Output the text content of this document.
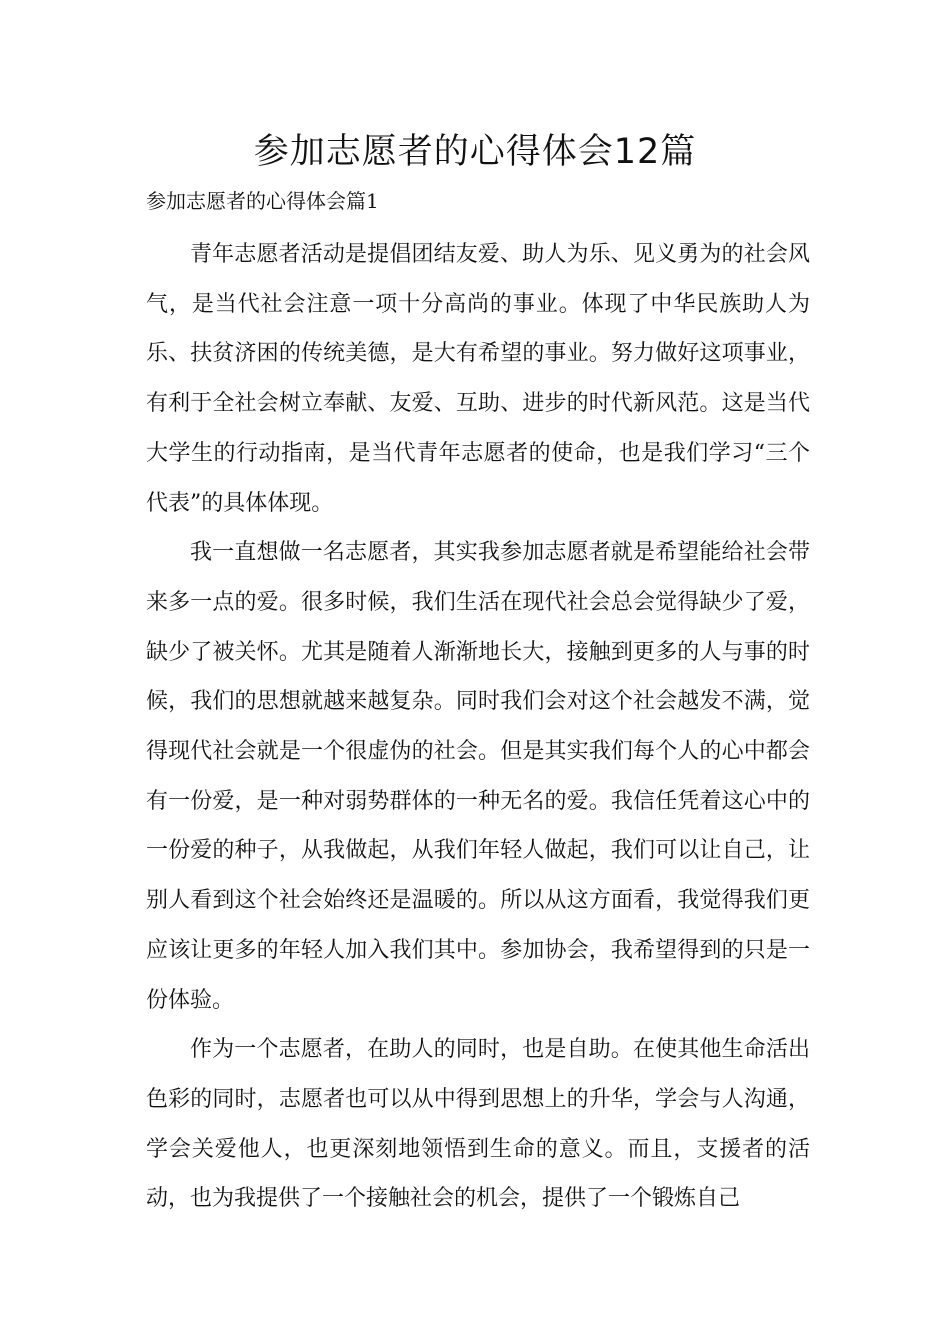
参加志愿者的心得体会12篇
参加志愿者的心得体会篇1

青年志愿者活动是提倡团结友爱、助人为乐、见义勇为的社会风气，是当代社会注意一项十分高尚的事业。体现了中华民族助人为乐、扶贫济困的传统美德，是大有希望的事业。努力做好这项事业，有利于全社会树立奉献、友爱、互助、进步的时代新风范。这是当代大学生的行动指南，是当代青年志愿者的使命，也是我们学习“三个代表”的具体体现。

我一直想做一名志愿者，其实我参加志愿者就是希望能给社会带来多一点的爱。很多时候，我们生活在现代社会总会觉得缺少了爱，缺少了被关怀。尤其是随着人渐渐地长大，接触到更多的人与事的时候，我们的思想就越来越复杂。同时我们会对这个社会越发不满，觉得现代社会就是一个很虚伪的社会。但是其实我们每个人的心中都会有一份爱，是一种对弱势群体的一种无名的爱。我信任凭着这心中的一份爱的种子，从我做起，从我们年轻人做起，我们可以让自己，让别人看到这个社会始终还是温暖的。所以从这方面看，我觉得我们更应该让更多的年轻人加入我们其中。参加协会，我希望得到的只是一份体验。

作为一个志愿者，在助人的同时，也是自助。在使其他生命活出色彩的同时，志愿者也可以从中得到思想上的升华，学会与人沟通，学会关爱他人，也更深刻地领悟到生命的意义。而且，支援者的活动，也为我提供了一个接触社会的机会，提供了一个锻炼自己
